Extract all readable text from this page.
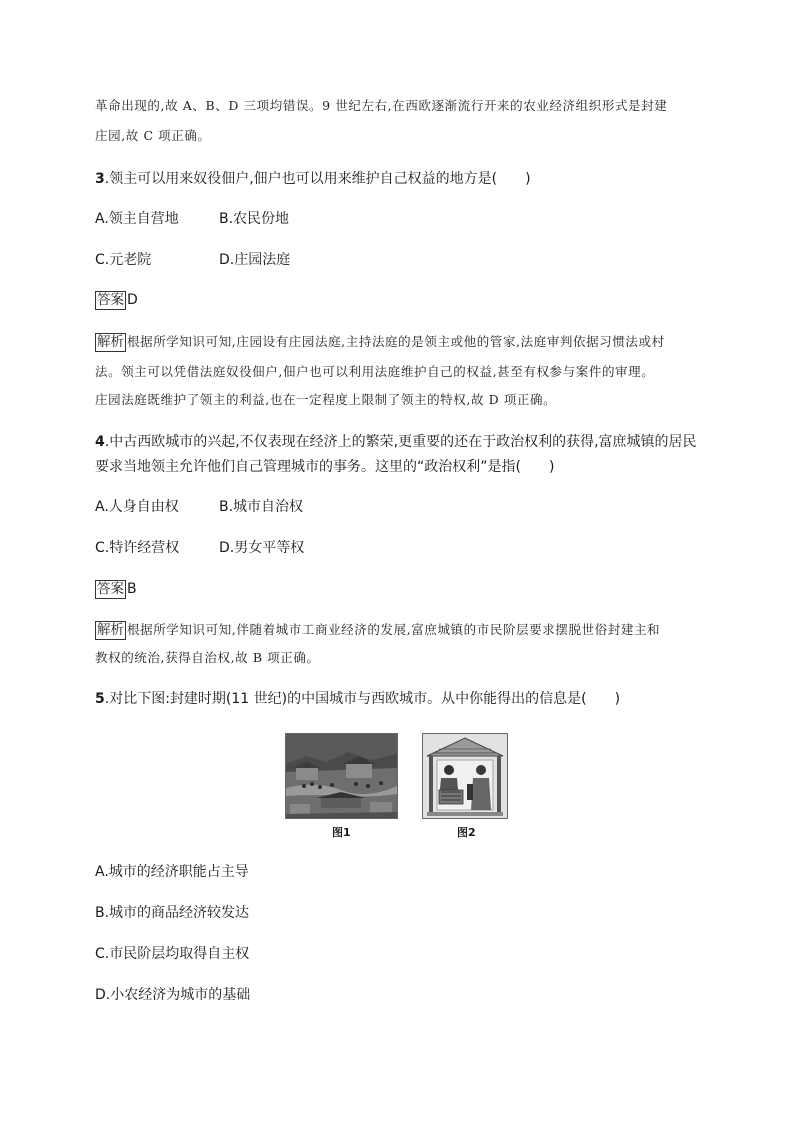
革命出现的,故 A、B、D 三项均错误。9 世纪左右,在西欧逐渐流行开来的农业经济组织形式是封建
庄园,故 C 项正确。
3.领主可以用来奴役佃户,佃户也可以用来维护自己权益的地方是(　　)
A.领主自营地	B.农民份地
C.元老院	D.庄园法庭
答案 D
解析 根据所学知识可知,庄园设有庄园法庭,主持法庭的是领主或他的管家,法庭审判依据习惯法或村
法。领主可以凭借法庭奴役佃户,佃户也可以利用法庭维护自己的权益,甚至有权参与案件的审理。
庄园法庭既维护了领主的利益,也在一定程度上限制了领主的特权,故 D 项正确。
4.中古西欧城市的兴起,不仅表现在经济上的繁荣,更重要的还在于政治权利的获得,富庶城镇的居民
要求当地领主允许他们自己管理城市的事务。这里的“政治权利”是指(　　)
A.人身自由权	B.城市自治权
C.特许经营权	D.男女平等权
答案 B
解析 根据所学知识可知,伴随着城市工商业经济的发展,富庶城镇的市民阶层要求摆脱世俗封建主和
教权的统治,获得自治权,故 B 项正确。
5.对比下图:封建时期(11 世纪)的中国城市与西欧城市。从中你能得出的信息是(　　)
图1	图2
A.城市的经济职能占主导
B.城市的商品经济较发达
C.市民阶层均取得自主权
D.小农经济为城市的基础
